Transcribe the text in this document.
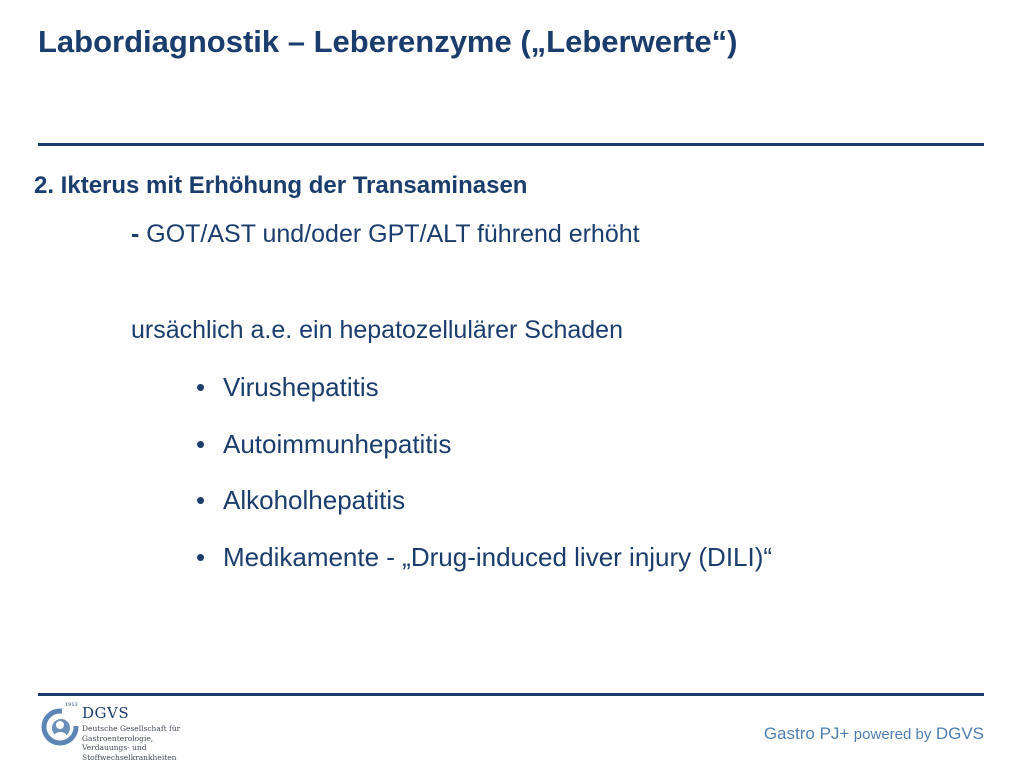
Labordiagnostik – Leberenzyme („Leberwerte“)
2. Ikterus mit Erhöhung der Transaminasen
- GOT/AST und/oder GPT/ALT führend erhöht
ursächlich a.e. ein hepatozellulärer Schaden
• Virushepatitis
• Autoimmunhepatitis
• Alkoholhepatitis
• Medikamente - „Drug-induced liver injury (DILI)“
1913 DGVS
Deutsche Gesellschaft für
Gastroenterologie,
Verdauungs- und
Stoffwechselkrankheiten
Gastro PJ+ powered by DGVS
